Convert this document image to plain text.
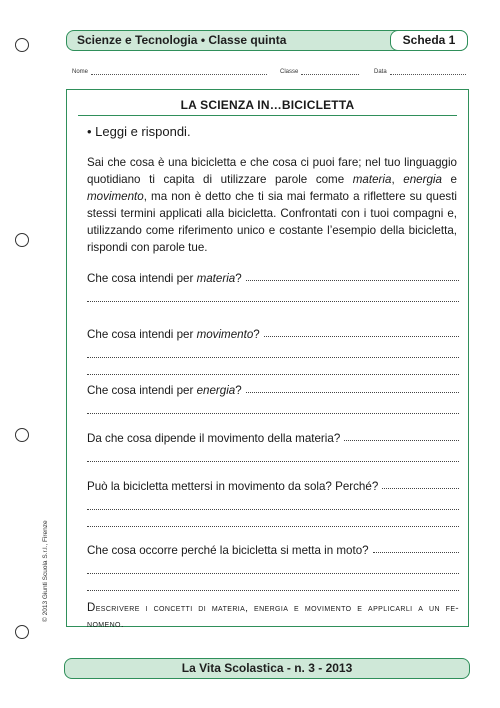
Scienze e Tecnologia • Classe quinta	Scheda 1
Nome	Classe	Data
LA SCIENZA IN…BICICLETTA
• Leggi e rispondi.
Sai che cosa è una bicicletta e che cosa ci puoi fare; nel tuo linguaggio quotidiano ti capita di utilizzare parole come materia, energia e movimento, ma non è detto che ti sia mai fermato a riflettere su questi stessi termini applicati alla bicicletta. Confrontati con i tuoi compagni e, utilizzando come riferimento unico e costante l’esempio della bicicletta, rispondi con parole tue.
Che cosa intendi per materia?
Che cosa intendi per movimento?
Che cosa intendi per energia?
Da che cosa dipende il movimento della materia?
Può la bicicletta mettersi in movimento da sola? Perché?
Che cosa occorre perché la bicicletta si metta in moto?
Descrivere i concetti di materia, energia e movimento e applicarli a un fe-
nomeno.
© 2013 Giunti Scuola S.r.l., Firenze
La Vita Scolastica - n. 3 - 2013
